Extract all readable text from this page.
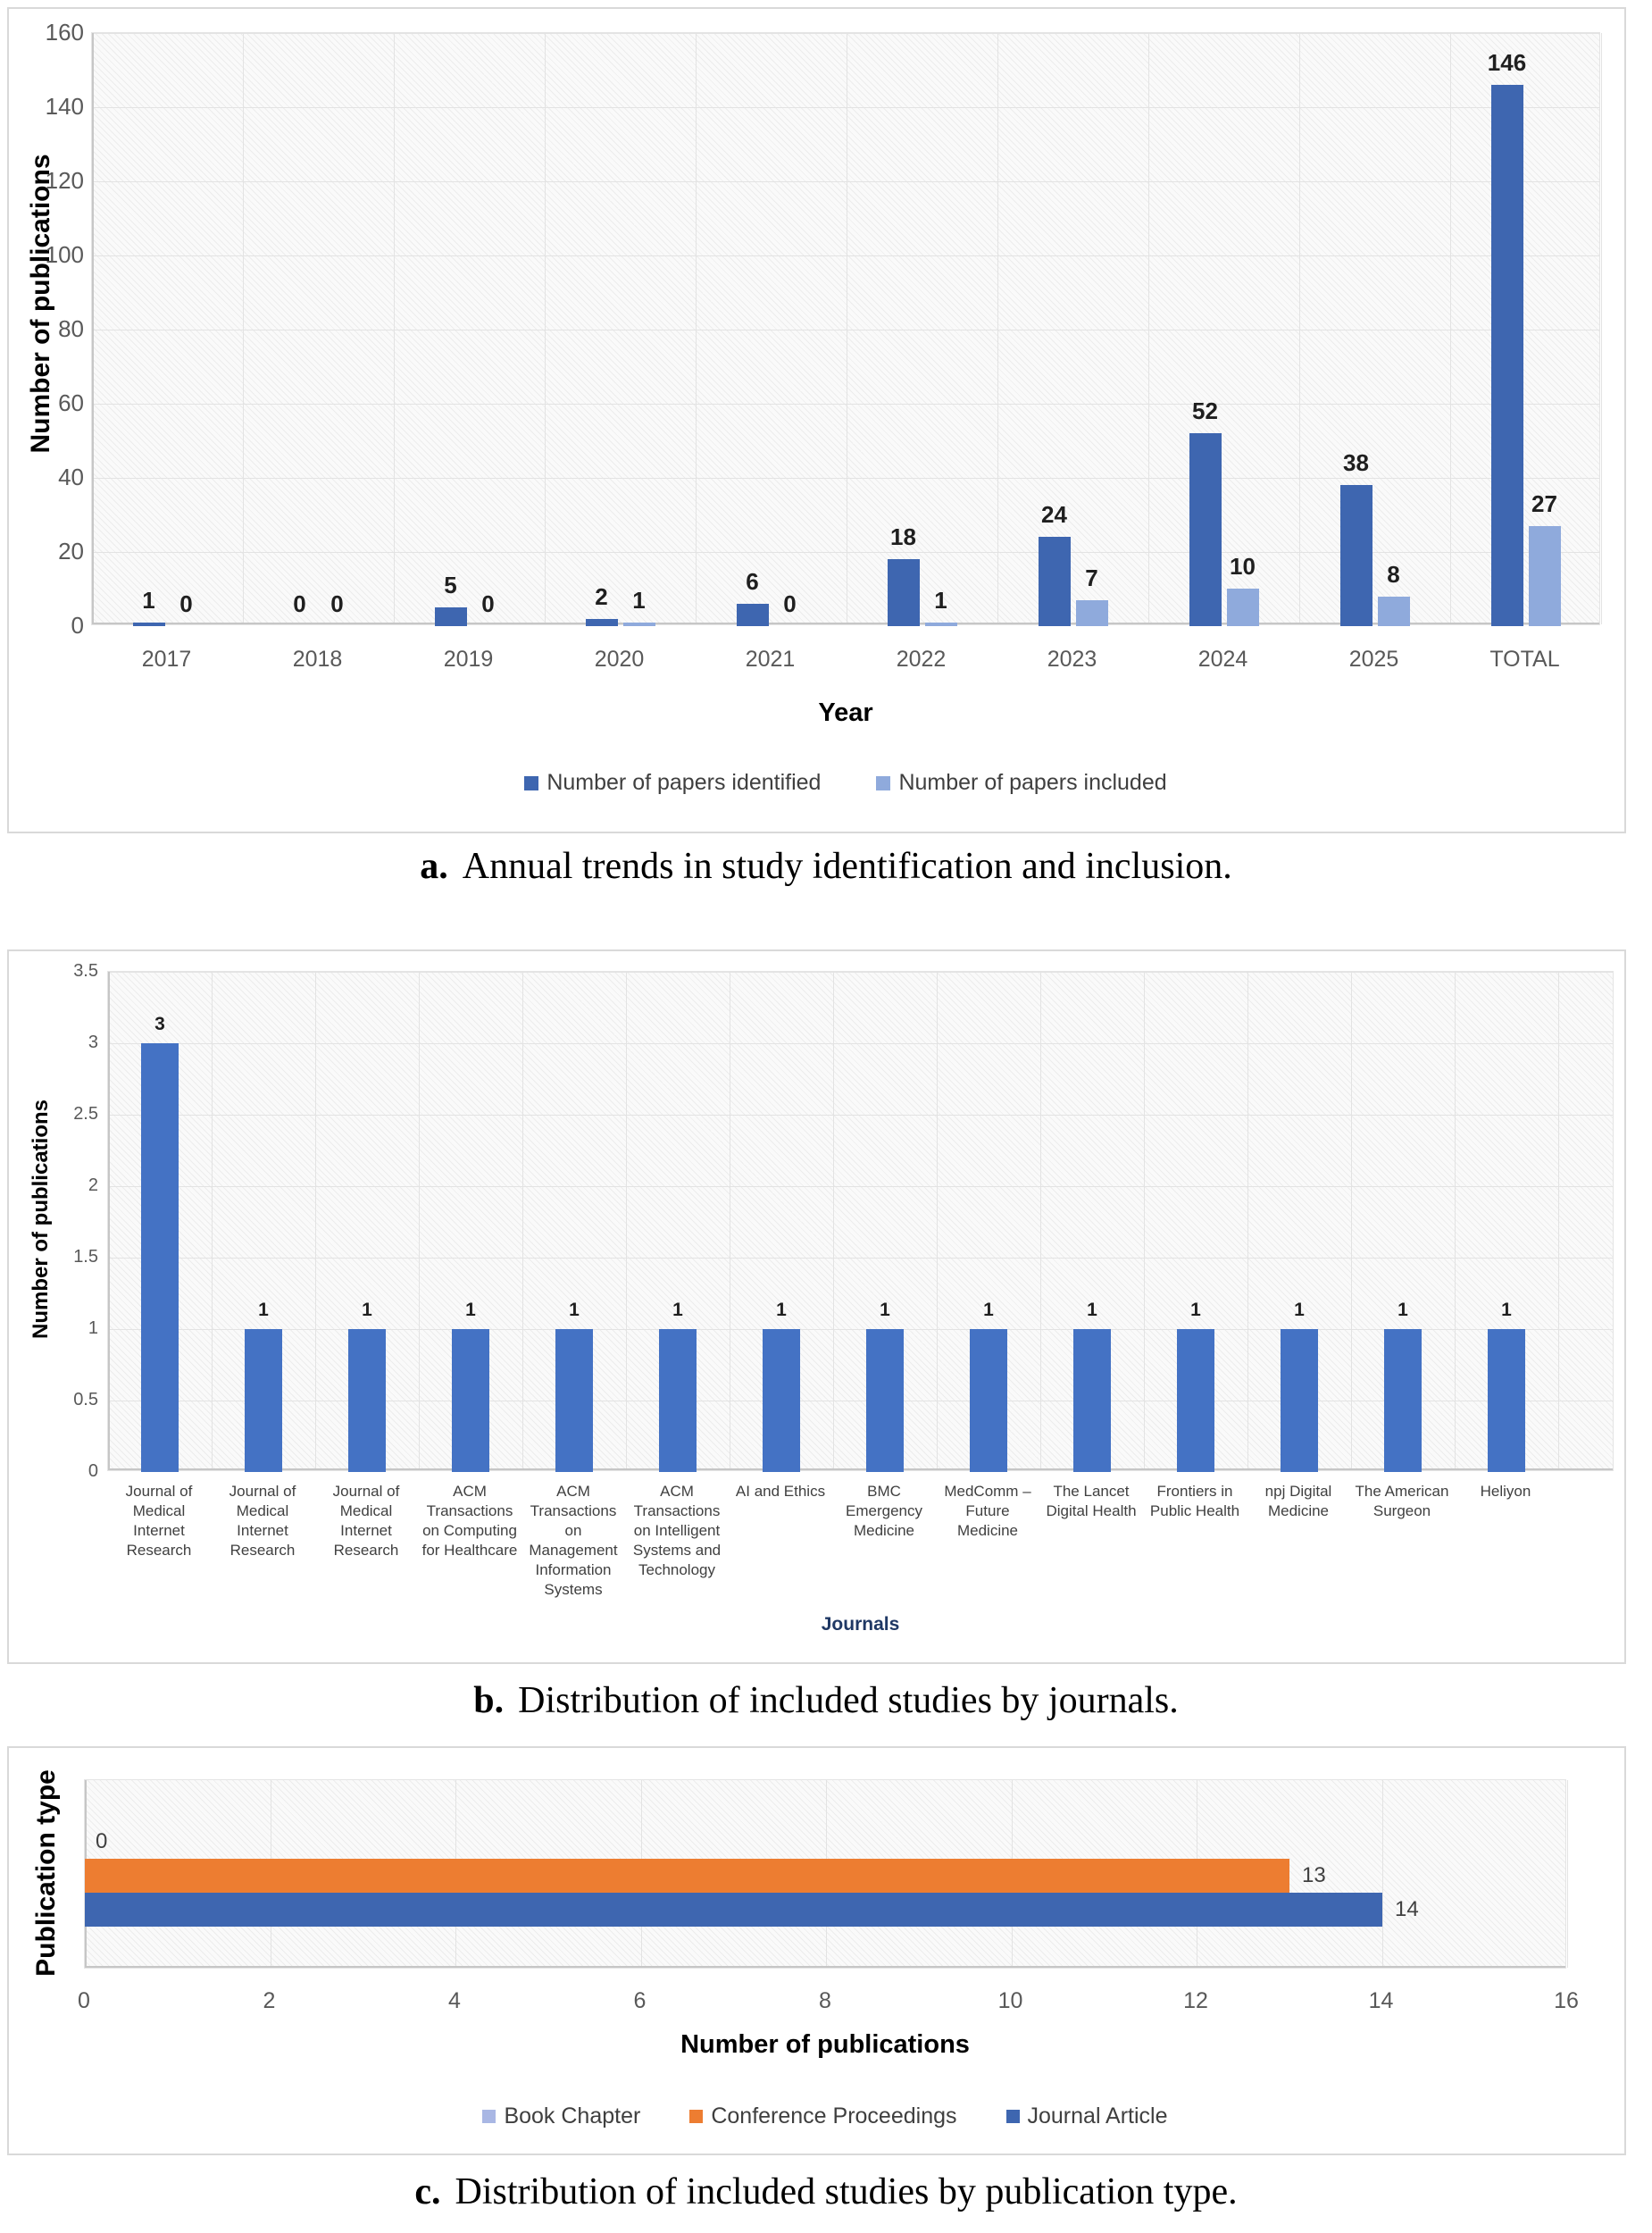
Number of publications
0
20
40
60
80
100
120
140
160
1	0	0	0
5
0	2	1
6
0
18
1
24
7
52
10
38
8
146
27
2017	2018	2019	2020	2021	2022	2023	2024	2025	TOTAL
Year
Number of papers identified	Number of papers included
a. Annual trends in study identification and inclusion.
Number of publications
0
0.5
1
1.5
2
2.5
3
3.5
3
1	1	1	1	1	1	1	1	1	1	1	1	1
Journal of Medical Internet Research
Journal of Medical Internet Research
Journal of Medical Internet Research
ACM Transactions on Computing for Healthcare
ACM Transactions on Management Information Systems
ACM Transactions on Intelligent Systems and Technology
AI and Ethics	BMC Emergency Medicine
MedComm – Future Medicine
The Lancet Digital Health
Frontiers in Public Health
npj Digital Medicine
The American Surgeon
Heliyon
Journals
b. Distribution of included studies by journals.
Publication type 0
13
14
0	2	4	6	8	10	12	14	16
Number of publications
Book Chapter	Conference Proceedings	Journal Article
c. Distribution of included studies by publication type.
